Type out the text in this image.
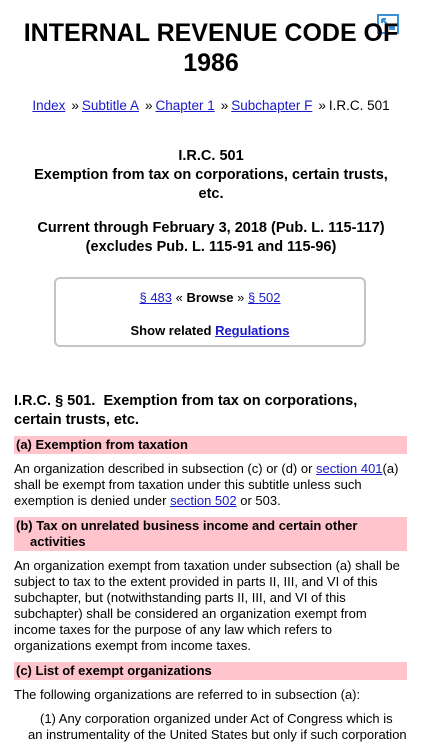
INTERNAL REVENUE CODE OF
1986
Index » Subtitle A » Chapter 1 » Subchapter F » I.R.C. 501
I.R.C. 501
Exemption from tax on corporations, certain trusts,
etc.
Current through February 3, 2018 (Pub. L. 115-117)
(excludes Pub. L. 115-91 and 115-96)
§ 483 « Browse » § 502
Show related Regulations
I.R.C. § 501.  Exemption from tax on corporations,
certain trusts, etc.
(a) Exemption from taxation
An organization described in subsection (c) or (d) or section 401(a)
shall be exempt from taxation under this subtitle unless such
exemption is denied under section 502 or 503.
(b) Tax on unrelated business income and certain other
activities
An organization exempt from taxation under subsection (a) shall be subject to tax to the extent provided in parts II, III, and VI of this subchapter, but (notwithstanding parts II, III, and VI of this subchapter) shall be considered an organization exempt from income taxes for the purpose of any law which refers to organizations exempt from income taxes.
(c) List of exempt organizations
The following organizations are referred to in subsection (a):
(1) Any corporation organized under Act of Congress which is an instrumentality of the United States but only if such corporation
